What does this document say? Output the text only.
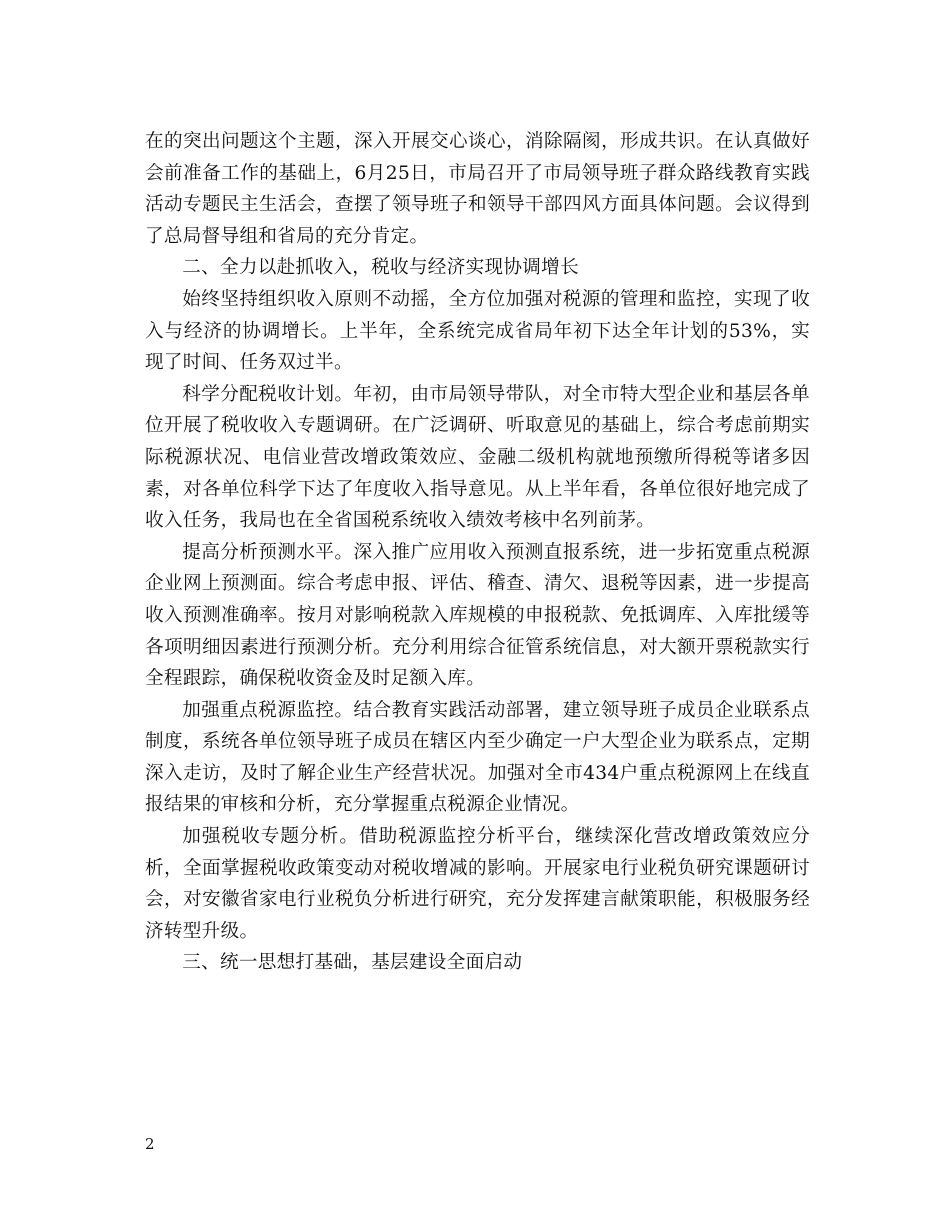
在的突出问题这个主题，深入开展交心谈心，消除隔阂，形成共识。在认真做好会前准备工作的基础上，6月25日，市局召开了市局领导班子群众路线教育实践活动专题民主生活会，查摆了领导班子和领导干部四风方面具体问题。会议得到了总局督导组和省局的充分肯定。

二、全力以赴抓收入，税收与经济实现协调增长

始终坚持组织收入原则不动摇，全方位加强对税源的管理和监控，实现了收入与经济的协调增长。上半年，全系统完成省局年初下达全年计划的53%，实现了时间、任务双过半。

科学分配税收计划。年初，由市局领导带队，对全市特大型企业和基层各单位开展了税收收入专题调研。在广泛调研、听取意见的基础上，综合考虑前期实际税源状况、电信业营改增政策效应、金融二级机构就地预缴所得税等诸多因素，对各单位科学下达了年度收入指导意见。从上半年看，各单位很好地完成了收入任务，我局也在全省国税系统收入绩效考核中名列前茅。

提高分析预测水平。深入推广应用收入预测直报系统，进一步拓宽重点税源企业网上预测面。综合考虑申报、评估、稽查、清欠、退税等因素，进一步提高收入预测准确率。按月对影响税款入库规模的申报税款、免抵调库、入库批缓等各项明细因素进行预测分析。充分利用综合征管系统信息，对大额开票税款实行全程跟踪，确保税收资金及时足额入库。

加强重点税源监控。结合教育实践活动部署，建立领导班子成员企业联系点制度，系统各单位领导班子成员在辖区内至少确定一户大型企业为联系点，定期深入走访，及时了解企业生产经营状况。加强对全市434户重点税源网上在线直报结果的审核和分析，充分掌握重点税源企业情况。

加强税收专题分析。借助税源监控分析平台，继续深化营改增政策效应分析，全面掌握税收政策变动对税收增减的影响。开展家电行业税负研究课题研讨会，对安徽省家电行业税负分析进行研究，充分发挥建言献策职能，积极服务经济转型升级。

三、统一思想打基础，基层建设全面启动

2
